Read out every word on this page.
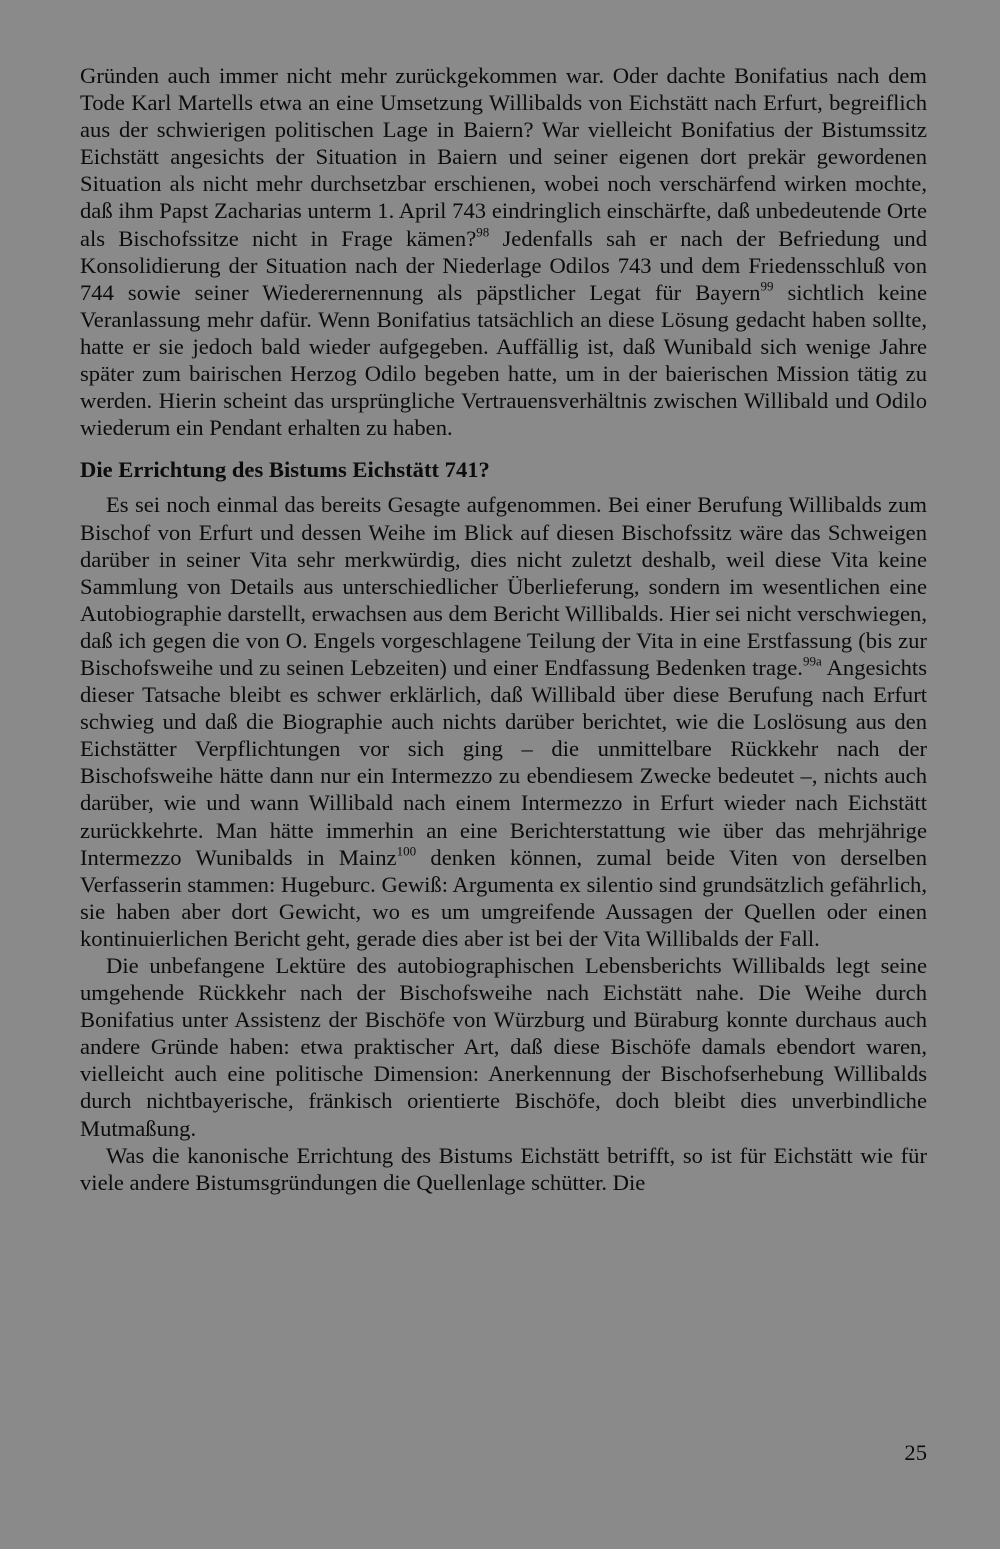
Gründen auch immer nicht mehr zurückgekommen war. Oder dachte Bonifatius nach dem Tode Karl Martells etwa an eine Umsetzung Willibalds von Eichstätt nach Erfurt, begreiflich aus der schwierigen politischen Lage in Baiern? War vielleicht Bonifatius der Bistumssitz Eichstätt angesichts der Situation in Baiern und seiner eigenen dort prekär gewordenen Situation als nicht mehr durchsetzbar erschienen, wobei noch verschärfend wirken mochte, daß ihm Papst Zacharias unterm 1. April 743 eindringlich einschärfte, daß unbedeutende Orte als Bischofssitze nicht in Frage kämen?$^{98}$ Jedenfalls sah er nach der Befriedung und Konsolidierung der Situation nach der Niederlage Odilos 743 und dem Friedensschluß von 744 sowie seiner Wiederernennung als päpstlicher Legat für Bayern$^{99}$ sichtlich keine Veranlassung mehr dafür. Wenn Bonifatius tatsächlich an diese Lösung gedacht haben sollte, hatte er sie jedoch bald wieder aufgegeben. Auffällig ist, daß Wunibald sich wenige Jahre später zum bairischen Herzog Odilo begeben hatte, um in der baierischen Mission tätig zu werden. Hierin scheint das ursprüngliche Vertrauensverhältnis zwischen Willibald und Odilo wiederum ein Pendant erhalten zu haben.

Die Errichtung des Bistums Eichstätt 741?

Es sei noch einmal das bereits Gesagte aufgenommen. Bei einer Berufung Willibalds zum Bischof von Erfurt und dessen Weihe im Blick auf diesen Bischofssitz wäre das Schweigen darüber in seiner Vita sehr merkwürdig, dies nicht zuletzt deshalb, weil diese Vita keine Sammlung von Details aus unterschiedlicher Überlieferung, sondern im wesentlichen eine Autobiographie darstellt, erwachsen aus dem Bericht Willibalds. Hier sei nicht verschwiegen, daß ich gegen die von O. Engels vorgeschlagene Teilung der Vita in eine Erstfassung (bis zur Bischofsweihe und zu seinen Lebzeiten) und einer Endfassung Bedenken trage.$^{99a}$ Angesichts dieser Tatsache bleibt es schwer erklärlich, daß Willibald über diese Berufung nach Erfurt schwieg und daß die Biographie auch nichts darüber berichtet, wie die Loslösung aus den Eichstätter Verpflichtungen vor sich ging – die unmittelbare Rückkehr nach der Bischofsweihe hätte dann nur ein Intermezzo zu ebendiesem Zwecke bedeutet –, nichts auch darüber, wie und wann Willibald nach einem Intermezzo in Erfurt wieder nach Eichstätt zurückkehrte. Man hätte immerhin an eine Berichterstattung wie über das mehrjährige Intermezzo Wunibalds in Mainz$^{100}$ denken können, zumal beide Viten von derselben Verfasserin stammen: Hugeburc. Gewiß: Argumenta ex silentio sind grundsätzlich gefährlich, sie haben aber dort Gewicht, wo es um umgreifende Aussagen der Quellen oder einen kontinuierlichen Bericht geht, gerade dies aber ist bei der Vita Willibalds der Fall.

Die unbefangene Lektüre des autobiographischen Lebensberichts Willibalds legt seine umgehende Rückkehr nach der Bischofsweihe nach Eichstätt nahe. Die Weihe durch Bonifatius unter Assistenz der Bischöfe von Würzburg und Büraburg konnte durchaus auch andere Gründe haben: etwa praktischer Art, daß diese Bischöfe damals ebendort waren, vielleicht auch eine politische Dimension: Anerkennung der Bischofserhebung Willibalds durch nichtbayerische, fränkisch orientierte Bischöfe, doch bleibt dies unverbindliche Mutmaßung.

Was die kanonische Errichtung des Bistums Eichstätt betrifft, so ist für Eichstätt wie für viele andere Bistumsgründungen die Quellenlage schütter. Die

25
